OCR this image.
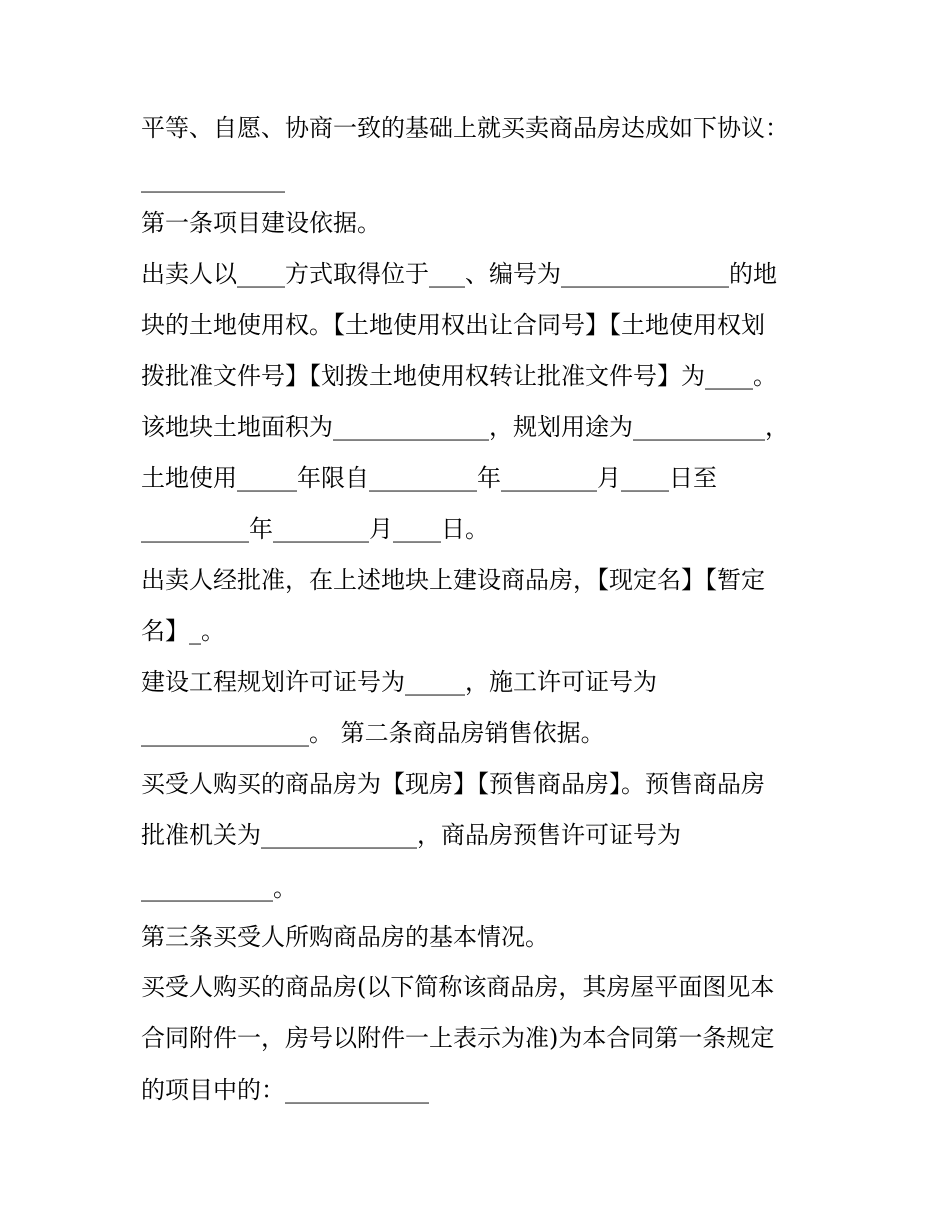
平等、自愿、协商一致的基础上就买卖商品房达成如下协议：
____________
第一条项目建设依据。
出卖人以____方式取得位于___、编号为______________的地
块的土地使用权。【土地使用权出让合同号】【土地使用权划
拨批准文件号】【划拨土地使用权转让批准文件号】为____。
该地块土地面积为_____________，规划用途为___________，
土地使用_____年限自_________年________月____日至
_________年________月____日。
出卖人经批准，在上述地块上建设商品房，【现定名】【暂定
名】_。
建设工程规划许可证号为_____，施工许可证号为
______________。 第二条商品房销售依据。
买受人购买的商品房为【现房】【预售商品房】。预售商品房
批准机关为_____________，商品房预售许可证号为
___________。
第三条买受人所购商品房的基本情况。
买受人购买的商品房(以下简称该商品房，其房屋平面图见本
合同附件一，房号以附件一上表示为准)为本合同第一条规定
的项目中的：____________
